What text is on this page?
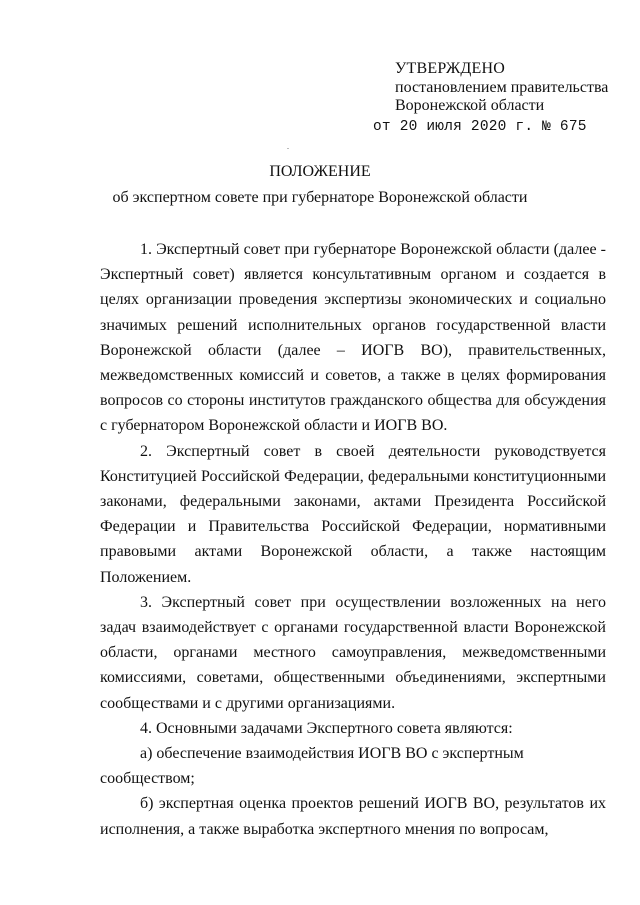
УТВЕРЖДЕНО
постановлением правительства
Воронежской области
от 20 июля 2020 г. № 675
ПОЛОЖЕНИЕ
об экспертном совете при губернаторе Воронежской области

1. Экспертный совет при губернаторе Воронежской области (далее - Экспертный совет) является консультативным органом и создается в целях организации проведения экспертизы экономических и социально значимых решений исполнительных органов государственной власти Воронежской области (далее – ИОГВ ВО), правительственных, межведомственных комиссий и советов, а также в целях формирования вопросов со стороны институтов гражданского общества для обсуждения с губернатором Воронежской области и ИОГВ ВО.

2. Экспертный совет в своей деятельности руководствуется Конституцией Российской Федерации, федеральными конституционными законами, федеральными законами, актами Президента Российской Федерации и Правительства Российской Федерации, нормативными правовыми актами Воронежской области, а также настоящим Положением.

3. Экспертный совет при осуществлении возложенных на него задач взаимодействует с органами государственной власти Воронежской области, органами местного самоуправления, межведомственными комиссиями, советами, общественными объединениями, экспертными сообществами и с другими организациями.

4. Основными задачами Экспертного совета являются:

а) обеспечение взаимодействия ИОГВ ВО с экспертным сообществом;

б) экспертная оценка проектов решений ИОГВ ВО, результатов их исполнения, а также выработка экспертного мнения по вопросам,
